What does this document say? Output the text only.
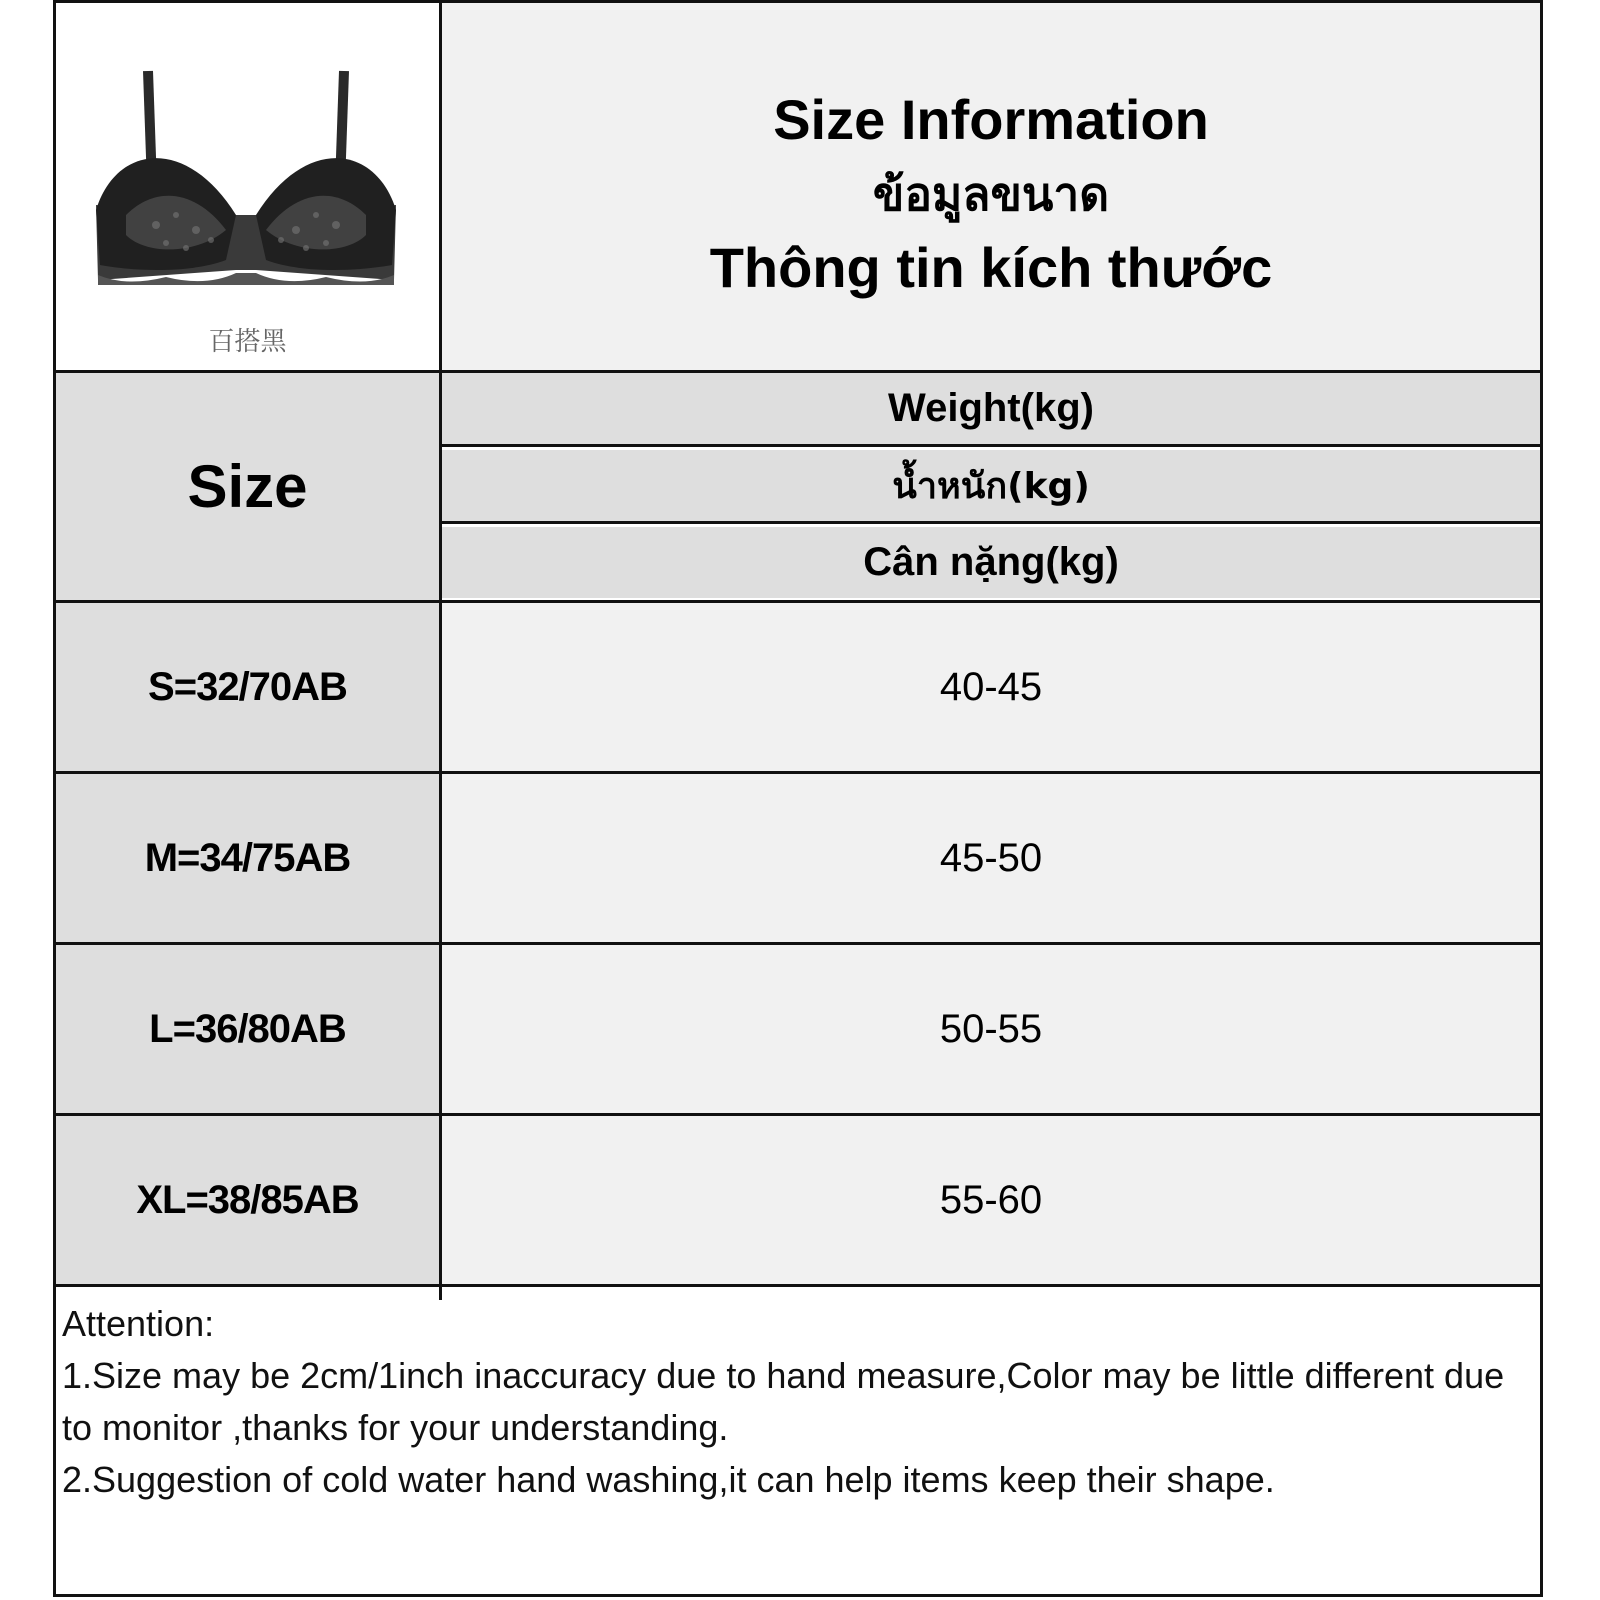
百搭黑
Size Information
ข้อมูลขนาด
Thông tin kích thước
Size
Weight(kg)
น้ำหนัก(kg)
Cân nặng(kg)
S=32/70AB	40-45
M=34/75AB	45-50
L=36/80AB	50-55
XL=38/85AB	55-60
Attention:
1.Size may be 2cm/1inch inaccuracy due to hand measure,Color may be little different due to monitor ,thanks for your understanding.
2.Suggestion of cold water hand washing,it can help items keep their shape.
